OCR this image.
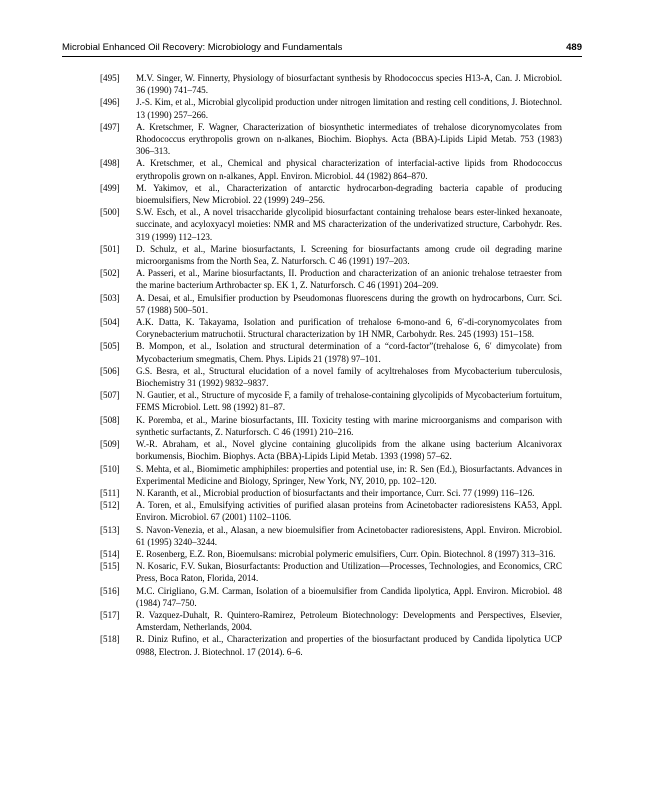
Microbial Enhanced Oil Recovery: Microbiology and Fundamentals	489

[495] M.V. Singer, W. Finnerty, Physiology of biosurfactant synthesis by Rhodococcus species H13-A, Can. J. Microbiol. 36 (1990) 741–745.

[496] J.-S. Kim, et al., Microbial glycolipid production under nitrogen limitation and resting cell conditions, J. Biotechnol. 13 (1990) 257–266.

[497] A. Kretschmer, F. Wagner, Characterization of biosynthetic intermediates of trehalose dicorynomycolates from Rhodococcus erythropolis grown on n-alkanes, Biochim. Biophys. Acta (BBA)-Lipids Lipid Metab. 753 (1983) 306–313.

[498] A. Kretschmer, et al., Chemical and physical characterization of interfacial-active lipids from Rhodococcus erythropolis grown on n-alkanes, Appl. Environ. Microbiol. 44 (1982) 864–870.

[499] M. Yakimov, et al., Characterization of antarctic hydrocarbon-degrading bacteria capable of producing bioemulsifiers, New Microbiol. 22 (1999) 249–256.

[500] S.W. Esch, et al., A novel trisaccharide glycolipid biosurfactant containing trehalose bears ester-linked hexanoate, succinate, and acyloxyacyl moieties: NMR and MS characterization of the underivatized structure, Carbohydr. Res. 319 (1999) 112–123.

[501] D. Schulz, et al., Marine biosurfactants, I. Screening for biosurfactants among crude oil degrading marine microorganisms from the North Sea, Z. Naturforsch. C 46 (1991) 197–203.

[502] A. Passeri, et al., Marine biosurfactants, II. Production and characterization of an anionic trehalose tetraester from the marine bacterium Arthrobacter sp. EK 1, Z. Naturforsch. C 46 (1991) 204–209.

[503] A. Desai, et al., Emulsifier production by Pseudomonas fluorescens during the growth on hydrocarbons, Curr. Sci. 57 (1988) 500–501.

[504] A.K. Datta, K. Takayama, Isolation and purification of trehalose 6-mono-and 6, 6′-di-corynomycolates from Corynebacterium matruchotii. Structural characterization by 1H NMR, Carbohydr. Res. 245 (1993) 151–158.

[505] B. Mompon, et al., Isolation and structural determination of a “cord-factor”(trehalose 6, 6′ dimycolate) from Mycobacterium smegmatis, Chem. Phys. Lipids 21 (1978) 97–101.

[506] G.S. Besra, et al., Structural elucidation of a novel family of acyltrehaloses from Mycobacterium tuberculosis, Biochemistry 31 (1992) 9832–9837.

[507] N. Gautier, et al., Structure of mycoside F, a family of trehalose-containing glycolipids of Mycobacterium fortuitum, FEMS Microbiol. Lett. 98 (1992) 81–87.

[508] K. Poremba, et al., Marine biosurfactants, III. Toxicity testing with marine microorganisms and comparison with synthetic surfactants, Z. Naturforsch. C 46 (1991) 210–216.

[509] W.-R. Abraham, et al., Novel glycine containing glucolipids from the alkane using bacterium Alcanivorax borkumensis, Biochim. Biophys. Acta (BBA)-Lipids Lipid Metab. 1393 (1998) 57–62.

[510] S. Mehta, et al., Biomimetic amphiphiles: properties and potential use, in: R. Sen (Ed.), Biosurfactants. Advances in Experimental Medicine and Biology, Springer, New York, NY, 2010, pp. 102–120.

[511] N. Karanth, et al., Microbial production of biosurfactants and their importance, Curr. Sci. 77 (1999) 116–126.

[512] A. Toren, et al., Emulsifying activities of purified alasan proteins from Acinetobacter radioresistens KA53, Appl. Environ. Microbiol. 67 (2001) 1102–1106.

[513] S. Navon-Venezia, et al., Alasan, a new bioemulsifier from Acinetobacter radioresistens, Appl. Environ. Microbiol. 61 (1995) 3240–3244.

[514] E. Rosenberg, E.Z. Ron, Bioemulsans: microbial polymeric emulsifiers, Curr. Opin. Biotechnol. 8 (1997) 313–316.

[515] N. Kosaric, F.V. Sukan, Biosurfactants: Production and Utilization—Processes, Technologies, and Economics, CRC Press, Boca Raton, Florida, 2014.

[516] M.C. Cirigliano, G.M. Carman, Isolation of a bioemulsifier from Candida lipolytica, Appl. Environ. Microbiol. 48 (1984) 747–750.

[517] R. Vazquez-Duhalt, R. Quintero-Ramirez, Petroleum Biotechnology: Developments and Perspectives, Elsevier, Amsterdam, Netherlands, 2004.

[518] R. Diniz Rufino, et al., Characterization and properties of the biosurfactant produced by Candida lipolytica UCP 0988, Electron. J. Biotechnol. 17 (2014). 6–6.
